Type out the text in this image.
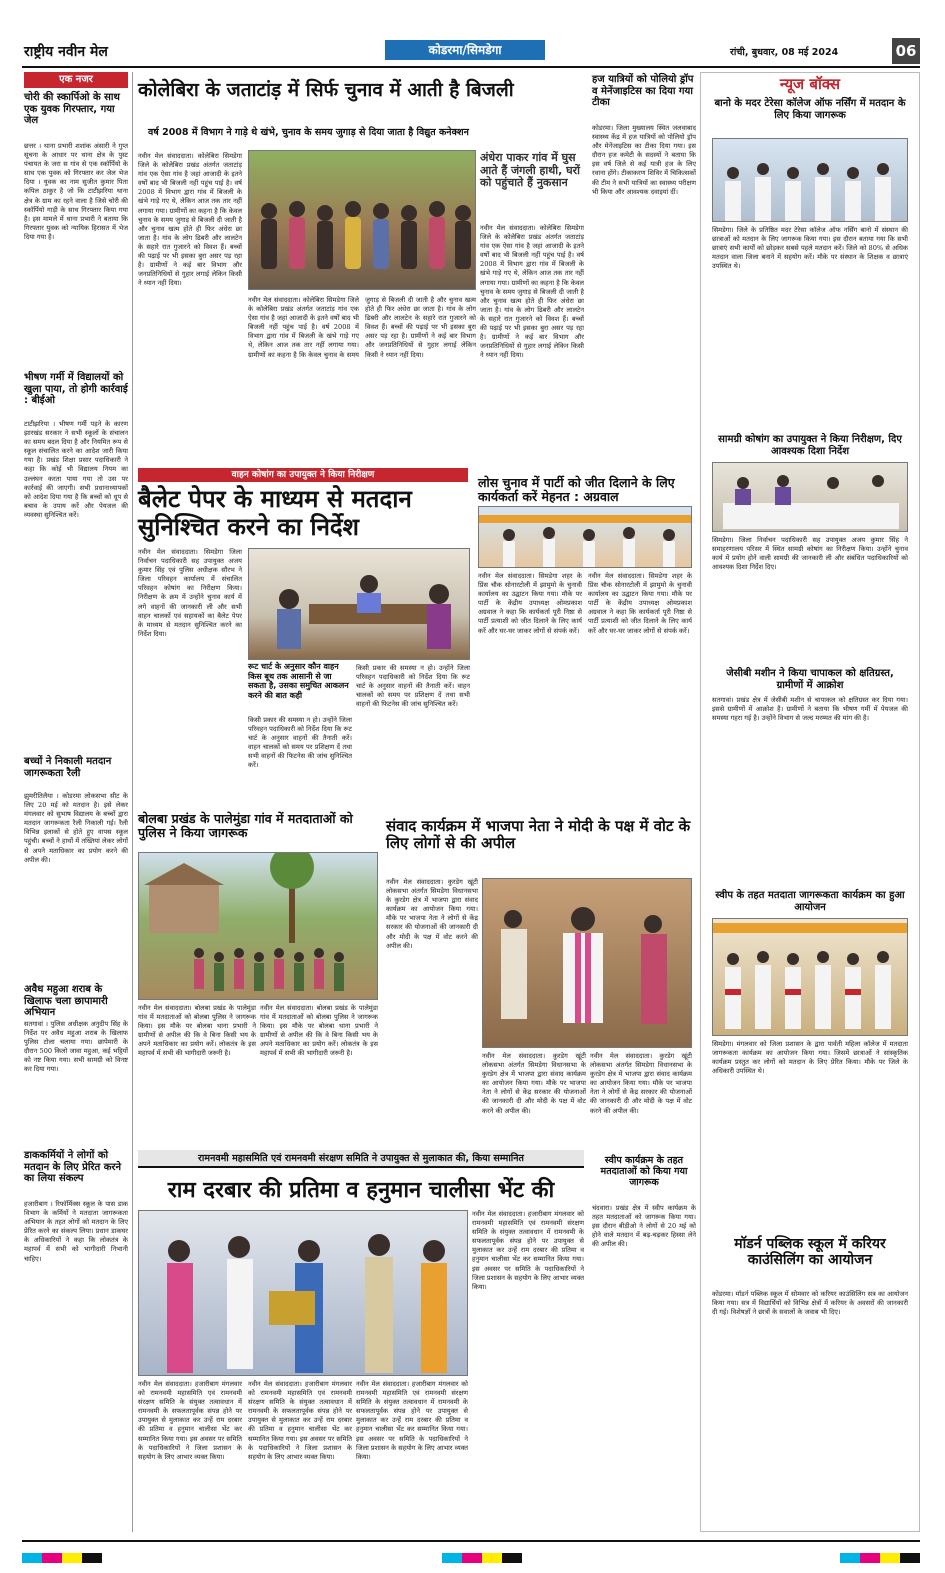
राष्ट्रीय नवीन मेल	कोडरमा/सिमडेगा	रांची, बुधवार, 08 मई 2024	06
एक नजर
चोरी की स्कार्पिओ के साथ एक युवक गिरफ्तार, गया जेल
छत्तर । थाना प्रभारी शशांक अंसारी ने गुप्त सूचना के आधार पर थाना क्षेत्र के पुस्ट पंचायत के जरा स गांव से एक स्कॉर्पियो के साथ एक युवक को गिरफ्तार कर जेल भेज दिया । युवक का नाम सुजीत कुमार पिता कपिल ठाकुर है जो कि टाटीझरिया थाना क्षेत्र के ग्राम का रहने वाला है जिसे चोरी की स्कॉर्पियो गाड़ी के साथ गिरफ्तार किया गया है। इस मामले में थाना प्रभारी ने बताया कि गिरफ्तार युवक को न्यायिक हिरासत में भेज दिया गया है।
भीषण गर्मी में विद्यालयों को खुला पाया, तो होगी कार्रवाई : बीईओ
टाटीझरिया । भीषण गर्मी पड़ने के कारण झारखंड सरकार ने सभी स्कूलों के संचालन का समय बदल दिया है और नियमित रूप से स्कूल संचालित करने का आदेश जारी किया गया है। प्रखंड शिक्षा प्रसार पदाधिकारी ने कहा कि कोई भी विद्यालय नियम का उल्लंघन करता पाया गया तो उस पर कार्रवाई की जाएगी। सभी प्रधानाध्यापकों को आदेश दिया गया है कि बच्चों को धूप से बचाव के उपाय करें और पेयजल की व्यवस्था सुनिश्चित करें।
बच्चों ने निकाली मतदान जागरूकता रैली
झुमरीतिलैया । कोडरमा लोकसभा सीट के लिए 20 मई को मतदान है। इसे लेकर मंगलवार को सुभाष विद्यालय के बच्चों द्वारा मतदान जागरूकता रैली निकाली गई। रैली विभिन्न इलाकों से होते हुए वापस स्कूल पहुंची। बच्चों ने हाथों में तख्तियां लेकर लोगों से अपने मताधिकार का प्रयोग करने की अपील की।
अवैध महुआ शराब के खिलाफ चला छापामारी अभियान
सतगावां । पुलिस अधीक्षक अनुदीप सिंह के निर्देश पर अवैध महुआ शराब के खिलाफ पुलिस टोला चलाया गया। छापेमारी के दौरान 500 किलो जावा महुआ, कई भट्ठियों को नष्ट किया गया। सभी सामग्री को विनष्ट कर दिया गया।
डाककर्मियों ने लोगों को मतदान के लिए प्रेरित करने का लिया संकल्प
हजारीबाग । रिफॉर्मिक्स स्कूल के पास डाक विभाग के कर्मियों ने मतदाता जागरूकता अभियान के तहत लोगों को मतदान के लिए प्रेरित करने का संकल्प लिया। प्रधान डाकघर के अधिकारियों ने कहा कि लोकतंत्र के महापर्व में सभी को भागीदारी निभानी चाहिए।
कोलेबिरा के जताटांड़ में सिर्फ चुनाव में आती है बिजली
वर्ष 2008 में विभाग ने गाड़े थे खंभे, चुनाव के समय जुगाड़ से दिया जाता है विद्युत कनेक्शन
नवीन मेल संवाददाता। कोलेबिरा सिमडेगा जिले के कोलेबिरा प्रखंड अंतर्गत जताटांड़ गांव एक ऐसा गांव है जहां आजादी के इतने वर्षों बाद भी बिजली नहीं पहुंच पाई है। वर्ष 2008 में विभाग द्वारा गांव में बिजली के खंभे गाड़े गए थे, लेकिन आज तक तार नहीं लगाया गया। ग्रामीणों का कहना है कि केवल चुनाव के समय जुगाड़ से बिजली दी जाती है और चुनाव खत्म होते ही फिर अंधेरा छा जाता है। गांव के लोग ढिबरी और लालटेन के सहारे रात गुजारने को विवश हैं। बच्चों की पढ़ाई पर भी इसका बुरा असर पड़ रहा है। ग्रामीणों ने कई बार विभाग और जनप्रतिनिधियों से गुहार लगाई लेकिन किसी ने ध्यान नहीं दिया।
अंधेरा पाकर गांव में घुस आते हैं जंगली हाथी, घरों को पहुंचाते हैं नुकसान
नवीन मेल संवाददाता। कोलेबिरा सिमडेगा जिले के कोलेबिरा प्रखंड अंतर्गत जताटांड़ गांव एक ऐसा गांव है जहां आजादी के इतने वर्षों बाद भी बिजली नहीं पहुंच पाई है। वर्ष 2008 में विभाग द्वारा गांव में बिजली के खंभे गाड़े गए थे, लेकिन आज तक तार नहीं लगाया गया। ग्रामीणों का कहना है कि केवल चुनाव के समय जुगाड़ से बिजली दी जाती है और चुनाव खत्म होते ही फिर अंधेरा छा जाता है। गांव के लोग ढिबरी और लालटेन के सहारे रात गुजारने को विवश हैं। बच्चों की पढ़ाई पर भी इसका बुरा असर पड़ रहा है। ग्रामीणों ने कई बार विभाग और जनप्रतिनिधियों से गुहार लगाई लेकिन किसी ने ध्यान नहीं दिया।
नवीन मेल संवाददाता। कोलेबिरा सिमडेगा जिले के कोलेबिरा प्रखंड अंतर्गत जताटांड़ गांव एक ऐसा गांव है जहां आजादी के इतने वर्षों बाद भी बिजली नहीं पहुंच पाई है। वर्ष 2008 में विभाग द्वारा गांव में बिजली के खंभे गाड़े गए थे, लेकिन आज तक तार नहीं लगाया गया। ग्रामीणों का कहना है कि केवल चुनाव के समय जुगाड़ से बिजली दी जाती है और चुनाव खत्म होते ही फिर अंधेरा छा जाता है। गांव के लोग ढिबरी और लालटेन के सहारे रात गुजारने को विवश हैं। बच्चों की पढ़ाई पर भी इसका बुरा असर पड़ रहा है। ग्रामीणों ने कई बार विभाग और जनप्रतिनिधियों से गुहार लगाई लेकिन किसी ने ध्यान नहीं दिया।
हज यात्रियों को पोलियो ड्रॉप व मेनेंजाइटिस का दिया गया टीका
कोडरमा। जिला मुख्यालय स्थित जलवाबाद स्वास्थ्य केंद्र में हज यात्रियों को पोलियो ड्रॉप और मेनेंजाइटिस का टीका दिया गया। इस दौरान हज कमेटी के सदस्यों ने बताया कि इस वर्ष जिले से कई यात्री हज के लिए रवाना होंगे। टीकाकरण शिविर में चिकित्सकों की टीम ने सभी यात्रियों का स्वास्थ्य परीक्षण भी किया और आवश्यक दवाइयां दीं।
वाहन कोषांग का उपायुक्त ने किया निरीक्षण
बैलेट पेपर के माध्यम से मतदान सुनिश्चित करने का निर्देश
नवीन मेल संवाददाता। सिमडेगा जिला निर्वाचन पदाधिकारी सह उपायुक्त अजय कुमार सिंह एवं पुलिस अधीक्षक सौरभ ने जिला परिवहन कार्यालय में संचालित परिवहन कोषांग का निरीक्षण किया। निरीक्षण के क्रम में उन्होंने चुनाव कार्य में लगे वाहनों की जानकारी ली और सभी वाहन चालकों एवं सहायकों का बैलेट पेपर के माध्यम से मतदान सुनिश्चित करने का निर्देश दिया।
रूट चार्ट के अनुसार कौन वाहन किस बूथ तक आसानी से जा सकता है, उसका समुचित आकलन करने की बात कही
किसी प्रकार की समस्या न हो। उन्होंने जिला परिवहन पदाधिकारी को निर्देश दिया कि रूट चार्ट के अनुसार वाहनों की तैनाती करें। वाहन चालकों को समय पर प्रशिक्षण दें तथा सभी वाहनों की फिटनेस की जांच सुनिश्चित करें।
किसी प्रकार की समस्या न हो। उन्होंने जिला परिवहन पदाधिकारी को निर्देश दिया कि रूट चार्ट के अनुसार वाहनों की तैनाती करें। वाहन चालकों को समय पर प्रशिक्षण दें तथा सभी वाहनों की फिटनेस की जांच सुनिश्चित करें।
लोस चुनाव में पार्टी को जीत दिलाने के लिए कार्यकर्ता करें मेहनत : अग्रवाल
नवीन मेल संवाददाता। सिमडेगा शहर के प्रिंस चौक सोनारटोली में झामुमो के चुनावी कार्यालय का उद्घाटन किया गया। मौके पर पार्टी के केंद्रीय उपाध्यक्ष ओमप्रकाश अग्रवाल ने कहा कि कार्यकर्ता पूरी निष्ठा से पार्टी प्रत्याशी को जीत दिलाने के लिए कार्य करें और घर-घर जाकर लोगों से संपर्क करें।
नवीन मेल संवाददाता। सिमडेगा शहर के प्रिंस चौक सोनारटोली में झामुमो के चुनावी कार्यालय का उद्घाटन किया गया। मौके पर पार्टी के केंद्रीय उपाध्यक्ष ओमप्रकाश अग्रवाल ने कहा कि कार्यकर्ता पूरी निष्ठा से पार्टी प्रत्याशी को जीत दिलाने के लिए कार्य करें और घर-घर जाकर लोगों से संपर्क करें।
बोलबा प्रखंड के पालेमुंडा गांव में मतदाताओं को पुलिस ने किया जागरूक
नवीन मेल संवाददाता। बोलबा प्रखंड के पालेमुंडा गांव में मतदाताओं को बोलबा पुलिस ने जागरूक किया। इस मौके पर बोलबा थाना प्रभारी ने ग्रामीणों से अपील की कि वे बिना किसी भय के अपने मताधिकार का प्रयोग करें। लोकतंत्र के इस महापर्व में सभी की भागीदारी जरूरी है।
नवीन मेल संवाददाता। बोलबा प्रखंड के पालेमुंडा गांव में मतदाताओं को बोलबा पुलिस ने जागरूक किया। इस मौके पर बोलबा थाना प्रभारी ने ग्रामीणों से अपील की कि वे बिना किसी भय के अपने मताधिकार का प्रयोग करें। लोकतंत्र के इस महापर्व में सभी की भागीदारी जरूरी है।
संवाद कार्यक्रम में भाजपा नेता ने मोदी के पक्ष में वोट के लिए लोगों से की अपील
नवीन मेल संवाददाता। कुरडेग खूंटी लोकसभा अंतर्गत सिमडेगा विधानसभा के कुरडेग क्षेत्र में भाजपा द्वारा संवाद कार्यक्रम का आयोजन किया गया। मौके पर भाजपा नेता ने लोगों से केंद्र सरकार की योजनाओं की जानकारी दी और मोदी के पक्ष में वोट करने की अपील की।
नवीन मेल संवाददाता। कुरडेग खूंटी लोकसभा अंतर्गत सिमडेगा विधानसभा के कुरडेग क्षेत्र में भाजपा द्वारा संवाद कार्यक्रम का आयोजन किया गया। मौके पर भाजपा नेता ने लोगों से केंद्र सरकार की योजनाओं की जानकारी दी और मोदी के पक्ष में वोट करने की अपील की।
नवीन मेल संवाददाता। कुरडेग खूंटी लोकसभा अंतर्गत सिमडेगा विधानसभा के कुरडेग क्षेत्र में भाजपा द्वारा संवाद कार्यक्रम का आयोजन किया गया। मौके पर भाजपा नेता ने लोगों से केंद्र सरकार की योजनाओं की जानकारी दी और मोदी के पक्ष में वोट करने की अपील की।
रामनवमी महासमिति एवं रामनवमी संरक्षण समिति ने उपायुक्त से मुलाकात की, किया सम्मानित
राम दरबार की प्रतिमा व हनुमान चालीसा भेंट की
नवीन मेल संवाददाता। हजारीबाग मंगलवार को रामनवमी महासमिति एवं रामनवमी संरक्षण समिति के संयुक्त तत्वावधान में रामनवमी के सफलतापूर्वक संपन्न होने पर उपायुक्त से मुलाकात कर उन्हें राम दरबार की प्रतिमा व हनुमान चालीसा भेंट कर सम्मानित किया गया। इस अवसर पर समिति के पदाधिकारियों ने जिला प्रशासन के सहयोग के लिए आभार व्यक्त किया।
नवीन मेल संवाददाता। हजारीबाग मंगलवार को रामनवमी महासमिति एवं रामनवमी संरक्षण समिति के संयुक्त तत्वावधान में रामनवमी के सफलतापूर्वक संपन्न होने पर उपायुक्त से मुलाकात कर उन्हें राम दरबार की प्रतिमा व हनुमान चालीसा भेंट कर सम्मानित किया गया। इस अवसर पर समिति के पदाधिकारियों ने जिला प्रशासन के सहयोग के लिए आभार व्यक्त किया।
नवीन मेल संवाददाता। हजारीबाग मंगलवार को रामनवमी महासमिति एवं रामनवमी संरक्षण समिति के संयुक्त तत्वावधान में रामनवमी के सफलतापूर्वक संपन्न होने पर उपायुक्त से मुलाकात कर उन्हें राम दरबार की प्रतिमा व हनुमान चालीसा भेंट कर सम्मानित किया गया। इस अवसर पर समिति के पदाधिकारियों ने जिला प्रशासन के सहयोग के लिए आभार व्यक्त किया।
नवीन मेल संवाददाता। हजारीबाग मंगलवार को रामनवमी महासमिति एवं रामनवमी संरक्षण समिति के संयुक्त तत्वावधान में रामनवमी के सफलतापूर्वक संपन्न होने पर उपायुक्त से मुलाकात कर उन्हें राम दरबार की प्रतिमा व हनुमान चालीसा भेंट कर सम्मानित किया गया। इस अवसर पर समिति के पदाधिकारियों ने जिला प्रशासन के सहयोग के लिए आभार व्यक्त किया।
स्वीप कार्यक्रम के तहत मतदाताओं को किया गया जागरूक
चंदवारा। प्रखंड क्षेत्र में स्वीप कार्यक्रम के तहत मतदाताओं को जागरूक किया गया। इस दौरान बीडीओ ने लोगों से 20 मई को होने वाले मतदान में बढ़-चढ़कर हिस्सा लेने की अपील की।
न्यूज बॉक्स
बानो के मदर टेरेसा कॉलेज ऑफ नर्सिंग में मतदान के लिए किया जागरूक
सिमडेगा। जिले के प्रतिष्ठित मदर टेरेसा कॉलेज ऑफ नर्सिंग बानो में संस्थान की छात्राओं को मतदान के लिए जागरूक किया गया। इस दौरान बताया गया कि सभी छात्राएं सभी कार्यों को छोड़कर सबसे पहले मतदान करें। जिले को 80% से अधिक मतदान वाला जिला बनाने में सहयोग करें। मौके पर संस्थान के शिक्षक व छात्राएं उपस्थित थे।
सामग्री कोषांग का उपायुक्त ने किया निरीक्षण, दिए आवश्यक दिशा निर्देश
सिमडेगा। जिला निर्वाचन पदाधिकारी सह उपायुक्त अजय कुमार सिंह ने समाहरणालय परिसर में स्थित सामग्री कोषांग का निरीक्षण किया। उन्होंने चुनाव कार्य में प्रयोग होने वाली सामग्री की जानकारी ली और संबंधित पदाधिकारियों को आवश्यक दिशा निर्देश दिए।
जेसीबी मशीन ने किया चापाकल को क्षतिग्रस्त, ग्रामीणों में आक्रोश
सतगावां। प्रखंड क्षेत्र में जेसीबी मशीन से चापाकल को क्षतिग्रस्त कर दिया गया। इससे ग्रामीणों में आक्रोश है। ग्रामीणों ने बताया कि भीषण गर्मी में पेयजल की समस्या गहरा गई है। उन्होंने विभाग से जल्द मरम्मत की मांग की है।
स्वीप के तहत मतदाता जागरूकता कार्यक्रम का हुआ आयोजन
सिमडेगा। मंगलवार को जिला प्रशासन के द्वारा पार्वती महिला कॉलेज में मतदाता जागरूकता कार्यक्रम का आयोजन किया गया। जिसमें छात्राओं ने सांस्कृतिक कार्यक्रम प्रस्तुत कर लोगों को मतदान के लिए प्रेरित किया। मौके पर जिले के अधिकारी उपस्थित थे।
मॉडर्न पब्लिक स्कूल में करियर काउंसिलिंग का आयोजन
कोडरमा। मॉडर्न पब्लिक स्कूल में सोमवार को करियर काउंसिलिंग सत्र का आयोजन किया गया। सत्र में विद्यार्थियों को विभिन्न क्षेत्रों में करियर के अवसरों की जानकारी दी गई। विशेषज्ञों ने छात्रों के सवालों के जवाब भी दिए।
